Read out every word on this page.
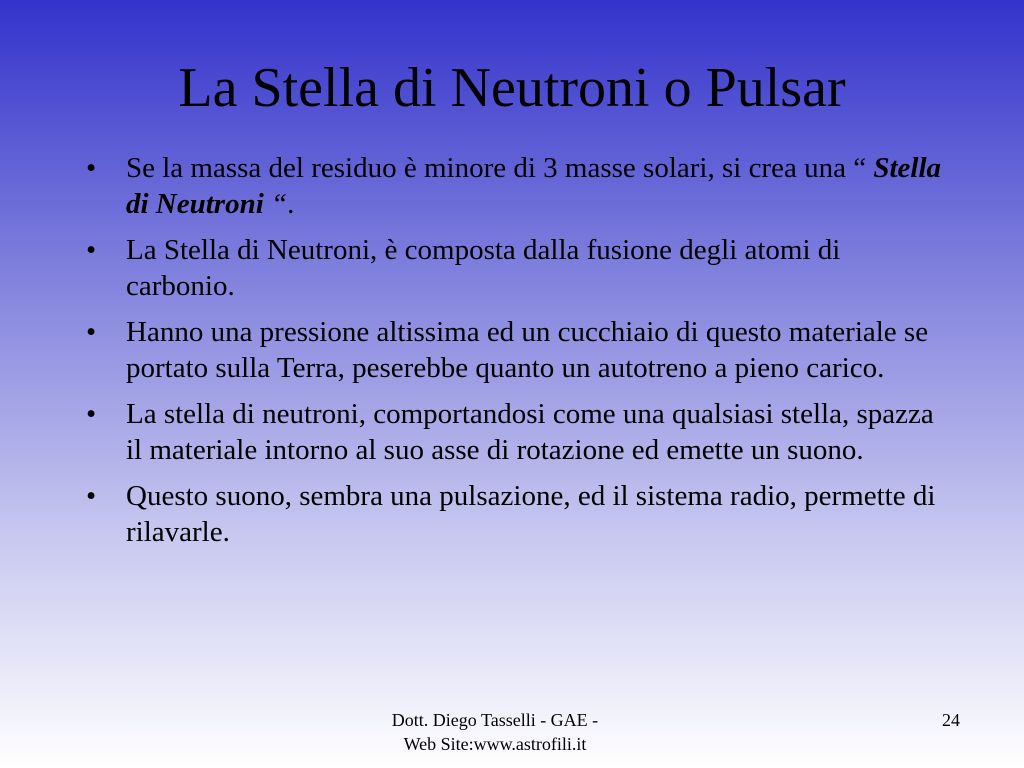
La Stella di Neutroni o Pulsar
• Se la massa del residuo è minore di 3 masse solari, si crea una “ Stella di Neutroni “.
• La Stella di Neutroni, è composta dalla fusione degli atomi di carbonio.
• Hanno una pressione altissima ed un cucchiaio di questo materiale se portato sulla Terra, peserebbe quanto un autotreno a pieno carico.
• La stella di neutroni, comportandosi come una qualsiasi stella, spazza il materiale intorno al suo asse di rotazione ed emette un suono.
• Questo suono, sembra una pulsazione, ed il sistema radio, permette di rilavarle.
Dott. Diego Tasselli - GAE -
Web Site:www.astrofili.it
24
